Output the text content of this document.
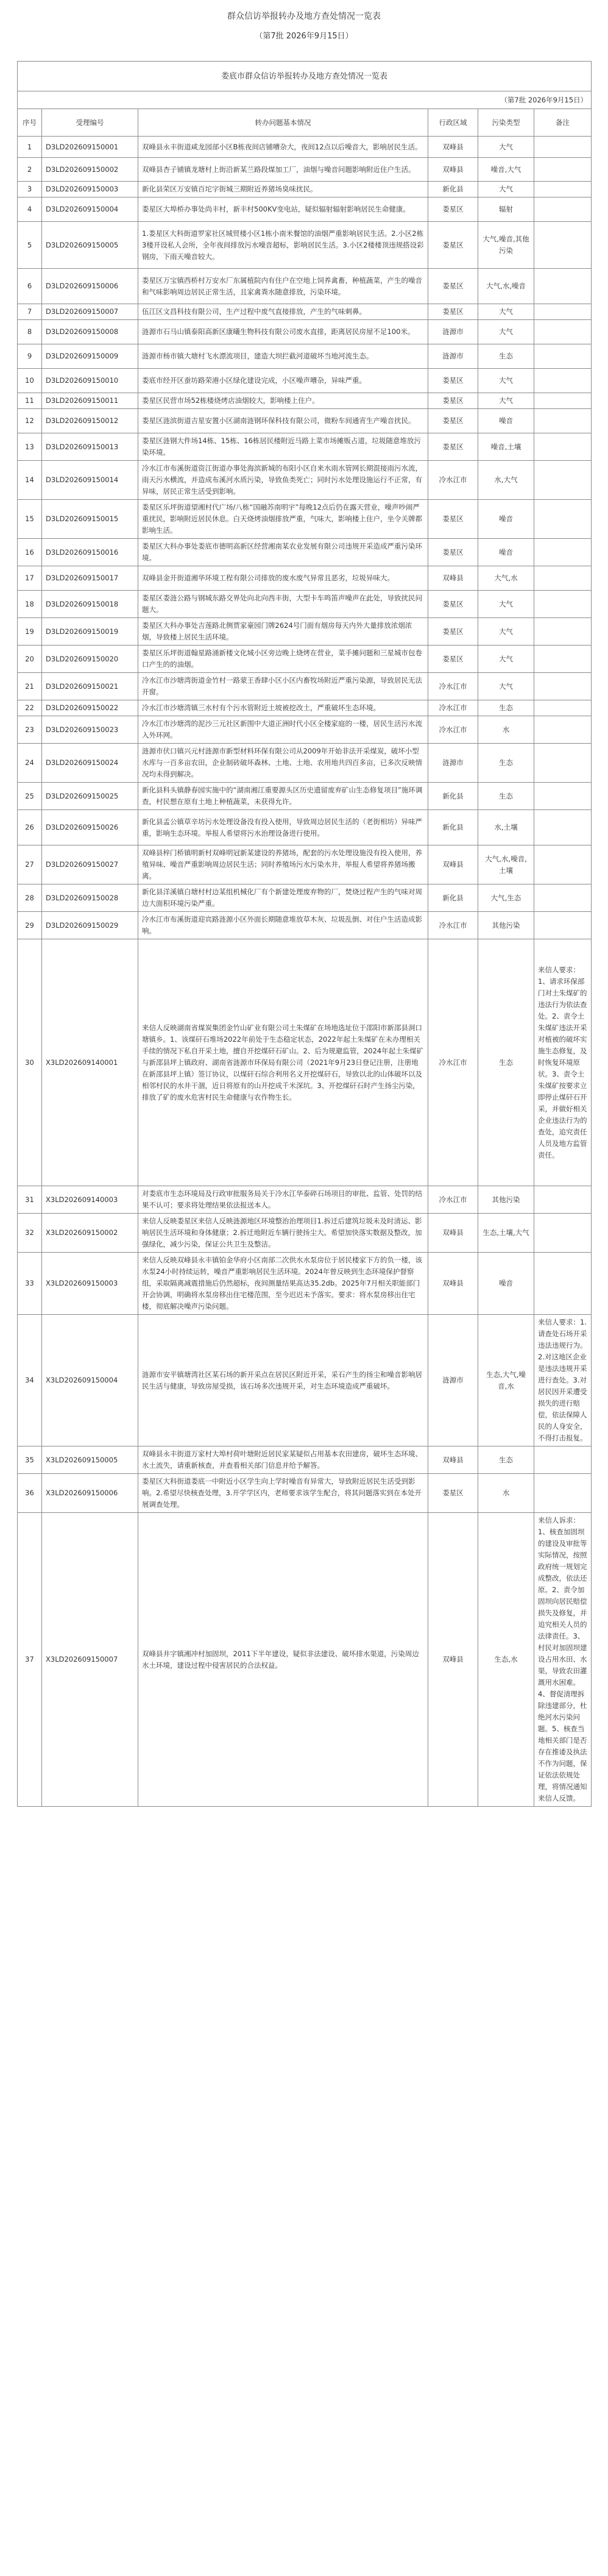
群众信访举报转办及地方查处情况一览表
（第7批 2026年9月15日）
娄底市群众信访举报转办及地方查处情况一览表					
（第7批 2026年9月15日）					
序号	受理编号	转办问题基本情况	行政区域	污染类型	备注
1	D3LD202609150001	双峰县永丰街道咸龙园部小区B栋夜间店铺嘈杂大，夜间12点以后噪音大，影响居民生活。	双峰县	大气	
2	D3LD202609150002	双峰县杏子铺镇龙塘村上街沿新某兰路段煤加工厂，油烟与噪音问题影响附近住户生活。	双峰县	噪音,大气	
3	D3LD202609150003	新化县荣区万安镇百坨字街城三期附近养猪场臭味扰民。	新化县	大气	
4	D3LD202609150004	娄星区大埠桥办事处尚丰村，新丰村500KV变电站，疑似辐射辐射影响居民生命健康。	娄星区	辐射	
5	D3LD202609150005	1.娄星区大科街道罗家社区城贸楼小区1栋小南米餐馆的油烟严重影响居民生活。2.小区2栋3楼开设私人会所，全年夜间排放污水噪音超标，影响居民生活。3.小区2楼楼顶违规搭设彩钢房，下雨天噪音较大。	娄星区	大气,噪音,其他污染	
6	D3LD202609150006	娄星区万宝镇西桥村万安水厂东属植院内有住户在空地上饲养禽畜，种植蔬菜，产生的噪音和气味影响周边居民正常生活，且家禽粪水随意排放，污染环境。	娄星区	大气,水,噪音	
7	D3LD202609150007	伍江区文昌科技有限公司，生产过程中废气直接排放，产生的气味刺鼻。	娄星区	大气	
8	D3LD202609150008	涟源市石马山镇泰阳高新区康曦生物科技有限公司废水直排，距离居民房屋不足100米。	涟源市	大气	
9	D3LD202609150009	涟源市杨市镇大塘村飞水漂流项目，建造大坝拦截河道破坏当地河流生态。	涟源市	生态	
10	D3LD202609150010	娄底市经开区蚕坊路荣港小区绿化建设完成，小区噪声嘈杂，异味严重。	娄星区	大气	
11	D3LD202609150011	娄星区民营市场52栋楼烧烤店油烟较大，影响楼上住户。	娄星区	大气	
12	D3LD202609150012	娄星区涟滨街道吉星安置小区湖南涟钢环保科技有限公司，微粉车间通宵生产噪音扰民。	娄星区	噪音	
13	D3LD202609150013	娄星区涟钢大件场14栋、15栋、16栋居民楼附近马路上菜市场摊贩占道，垃圾随意堆放污染环境。	娄星区	噪音,土壤	
14	D3LD202609150014	冷水江市布溪街道资江街道办事处海滨新城的布阳小区自来水雨水管网长期混接雨污水流，雨天污水横流，并造成布溪河水质污染，导致鱼类死亡；同时污水处理设施运行不正常，有异味，居民正常生活受到影响。	冷水江市	水,大气	
15	D3LD202609150015	娄星区乐坪街道望湘村代广场/八栋“国融苏南明宇”每晚12点后仍在露天营业，噪声吵闹严重扰民，影响附近居民休息。白天烧烤油烟排放严重，气味大，影响楼上住户，坐令关牌都影响生活。	娄星区	噪音	
16	D3LD202609150016	娄星区大科办事处娄底市德明高新区经营湘南某农业发展有限公司违规开采造成严重污染环境。	娄星区	噪音	
17	D3LD202609150017	双峰县金开街道湘华环境工程有限公司排放的废水废气异常且恶劣，垃圾异味大。	双峰县	大气,水	
18	D3LD202609150018	娄星区娄涟公路与钢城东路交界处向北向西丰街，大型卡车鸣笛声噪声在此处，导致扰民问题大。	娄星区	大气	
19	D3LD202609150019	娄星区大科办事处吉莲路北侧贾家豪园门牌2624号门面有烟房每天内外大量排放浓烟浓烟，导致楼上居民生活环境。	娄星区	大气	
20	D3LD202609150020	娄星区乐坪街道翰星路涌新楼文化城小区旁边晚上烧烤在营业，菜手摊问题和三星城市包卷口产生的的油烟。	娄星区	大气	
21	D3LD202609150021	冷水江市沙塘湾街道金竹村一路蒙王香肆小区小区内畜牧场附近严重污染源，导致居民无法开窗。	冷水江市	大气	
22	D3LD202609150022	冷水江市沙塘湾镇三水村有个污水管附近土坡被挖改土，严重破坏生态环境。	冷水江市	生态	
23	D3LD202609150023	冷水江市沙塘湾的泥沙三元社区新围中大道正洲时代小区全楼家庭的一楼，居民生活污水流入外环网。	冷水江市	水	
24	D3LD202609150024	涟源市伏口镇兴元村涟源市新型材料环保有限公司从2009年开始非法开采煤炭，破坏小型水库与一百多亩农田，企业制砖破坏森林、土地、土地、农用地共四百多亩，已多次反映情况均未得到解决。	涟源市	生态	
25	D3LD202609150025	新化县科头镇静春园实施中的“湖南湘江重要源头区历史遗留废弃矿山生态修复项目”施环调查，村民想在原有土地上种植蔬菜，未获得允许。	新化县	生态	
26	D3LD202609150026	新化县孟公镇草辛坊污水处理设备没有投入使用，导致周边居民生活的（老街相坊）异味严重，影响生态环境。举报人希望将污水治理设备进行使用。	新化县	水,土壤	
27	D3LD202609150027	双峰县梓门桥镇明新村双峰明冠新某建设的养猪场，配套的污水处理设施没有投入使用，养殖异味、噪音严重影响周边居民生活；同时养殖场污水污染水井，举报人希望将养猪场搬离。	双峰县	大气,水,噪音,土壤	
28	D3LD202609150028	新化县洋溪镇白塘村村边某组机械化厂有个新建处理废弃物的厂，焚烧过程产生的气味对周边大面积环境污染严重。	新化县	大气,生态	
29	D3LD202609150029	冷水江市布溪街道迎宾路涟源小区外面长期随意堆放草木灰、垃圾乱倒、对住户生活造成影响。	冷水江市	其他污染	
30	X3LD202609140001	来信人反映湖南省煤炭集团金竹山矿业有限公司土朱煤矿在场地选址位于邵阳市新邵县洞口塘镇乡。1、该煤矸石堆场2022年前处于生态稳定状态，2022年起土朱煤矿在未办理相关手续的情况下私自开采土地，擅自开挖煤矸石矿山。2、后为规避监管，2024年起土朱煤矿与新邵县坪上镇政府、湖南省涟源市环保局有限公司（2021年9月23日登记注册，注册地在新邵县坪上镇）签订协议，以煤矸石综合利用名义开挖煤矸石，导致以北的山体破坏以及相邻村民的水井干涸，近日将原有的山开挖成千米深坑。3、开挖煤矸石时产生扬尘污染，排放了矿的废水危害村民生命健康与农作物生长。	冷水江市	生态	来信人要求：1、请求环保部门对土朱煤矿的违法行为依法查处。2、责令土朱煤矿违法开采对植被的破坏实施生态修复，及时恢复环境原状。3、责令土朱煤矿按要求立即停止煤矸石开采，并做好相关企业违法行为的查处，追究责任人员及地方监管责任。
31	X3LD202609140003	对娄底市生态环境局及行政审批服务局关于冷水江华泰碎石场项目的审批、监管、处罚的结果不认可；要求将处理结果依法报送本人。	冷水江市	其他污染	
32	X3LD202609150002	来信人反映娄星区来信人反映涟源地区环境整治治理项目1.拆迁后建筑垃圾未及时清运、影响居民生活环境和身体健康；2.拆迁地附近车辆行驶扬尘大。希望加快落实数据及整改，加强绿化，减少污染，保证公共卫生及整洁。	双峰县	生态,土壤,大气	
33	X3LD202609150003	来信人反映双峰县永丰镇铂金华府小区南部二次供水水泵房位于居民楼家下方的负一楼，该水泵24小时持续运转，噪音严重影响居民生活环境。2024年曾反映到生态环境保护督察组，采取隔离减震措施后仍然超标，夜间测量结果高达35.2db。2025年7月相关职能部门开会协调，明确将水泵房移出住宅楼范围，至今迟迟未予落实。要求：将水泵房移出住宅楼，彻底解决噪声污染问题。	双峰县	噪音	
34	X3LD202609150004	涟源市安平镇塘湾社区某石场的新开采点在居民区附近开采，采石产生的扬尘和噪音影响居民生活与健康，导致房屋受损，该石场多次违规开采，对生态环境造成严重破坏。	涟源市	生态,大气,噪音,水	来信人要求：1.请查处石场开采违法违规行为。2.对这地区企业是违法违规开采进行查处。3.对居民因开采遭受损失的进行赔偿，依法保障人民的人身安全，不得打击报复。
35	X3LD202609150005	双峰县永丰街道万家村大埠村荷叶塘附近居民家某疑似占用基本农田建房，破坏生态环境、水土流失，请重新核查，并查看相关部门信息并给予解答。	双峰县	生态	
36	X3LD202609150006	娄星区大科街道娄底一中附近小区学生向上学时噪音有异常大，导致附近居民生活受到影响。2.希望尽快核查处理，3.开学学区内，老师要求该学生配合，将其问题落实到在本处开展调查处理。	娄星区	水	
37	X3LD202609150007	双峰县井字镇湘冲村加固坝，2011下半年建设，疑似非法建设、破坏排水渠道，污染周边水土环境，建设过程中侵害居民的合法权益。	双峰县	生态,水	来信人诉求：1、核查加固坝的建设及审批等实际情况，按照政府统一规划完成整改，依法还原。2、责令加固坝向居民赔偿损失及修复，并追究相关人员的法律责任。3、村民对加固坝建设占用水田、水渠，导致农田灌溉用水困难。4、督促清理拆除违建部分，杜绝河水污染问题。5、核查当地相关部门是否存在推诿及执法不作为问题，保证依法依规处理，将情况通知来信人反馈。
